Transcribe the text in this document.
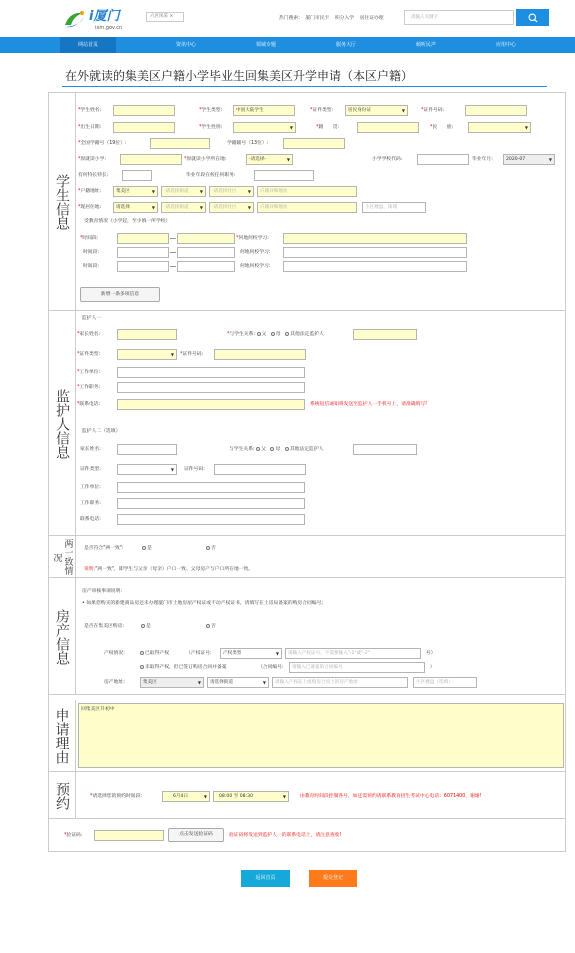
i厦门
ixm.gov.cn
六区风采 ×	热门搜索: 厦门市民卡 积分入学 居住证办理	请输入关键字
网站首页	资讯中心	领域专题	服务大厅	倾听民声	应用中心
在外就读的集美区户籍小学毕业生回集美区升学申请（本区户籍）
学生信息
*学生姓名:	*学生类型:	中国大陆学生	*证件类型:	居民身份证 ▼	*证件号码:
*出生日期:	*学生性别: ▼	*籍　　贯:	*民　　族:
▼
*全国学籍号（19位）:	学籍辅号（13位）:
*原就读小学:	*原就读小学所在地:	-请选择- ▼	小学学校代码:	毕业年月:	2020-07 ▼
有何特长特长:	毕业年段在校任何职务:
*户籍地址:	集美区 ▼	-请选择街道 ▼	-请选择社区 ▼	户籍详细地址
*现居住地:	请选择 ▼	-请选择街道 ▼	-请选择社区 ▼	户籍详细地址	小区楼盘、街域
受教育情况（小学起，至少填一所学校）
*时间段:	*何地何校学习:
时间段:	何地何校学习:
时间段:	何地何校学习:
新增一条多项信息
监护人信息
监护人一
*家长姓名:	*与学生关系: 父 母 其他法定监护人
*证件类型: ▼	*证件号码:
*工作单位:
*工作职务:
*联系电话:	系统短信通知将发送至监护人一手机号上，请准确填写!
监护人二（选填）
家长姓名:	与学生关系: 父 母 其他法定监护人
证件类型: ▼	证件号码:
工作单位:
工作职务:
联系电话:
两一致情况
是否符合"两一致":	是	否
说明:"两一致"，即学生与父亲（母亲）户口一致、父母房产与户口所在地一致。
房产信息
房产审核事项说明:
• 如果您购买的新建商品房还未办理厦门市土地房屋产权证或不动产权证书，请填写在土房局备案的购房合同编号;
是否在集美区购房:	是	否
产权情况:	已取得产权	（产权证号:	产权类型 ▼	请输入产权证号，不需要输入"-1"或"-2"	号）
未取得产权，但已签订购房合同并备案	（合同编号:	请输入已备案的合同编号	）
房产地址:	集美区 ▼	请选择街道 ▼	请输入产权证上或购房合同上的房产地址	小区楼盘（选填）
申请理由	回集美区升初中
预约	*请选择您的预约时间段:	6月4日 ▼	08:00 至 08:30 ▼	由教育时间段控制各号，如还需预约请联系教育招生考试中心电话：6071400，谢谢!
*验证码:	点击发送验证码	验证码将发送到监护人一的联系电话上，请注意查收!
返回首页	提交登记
